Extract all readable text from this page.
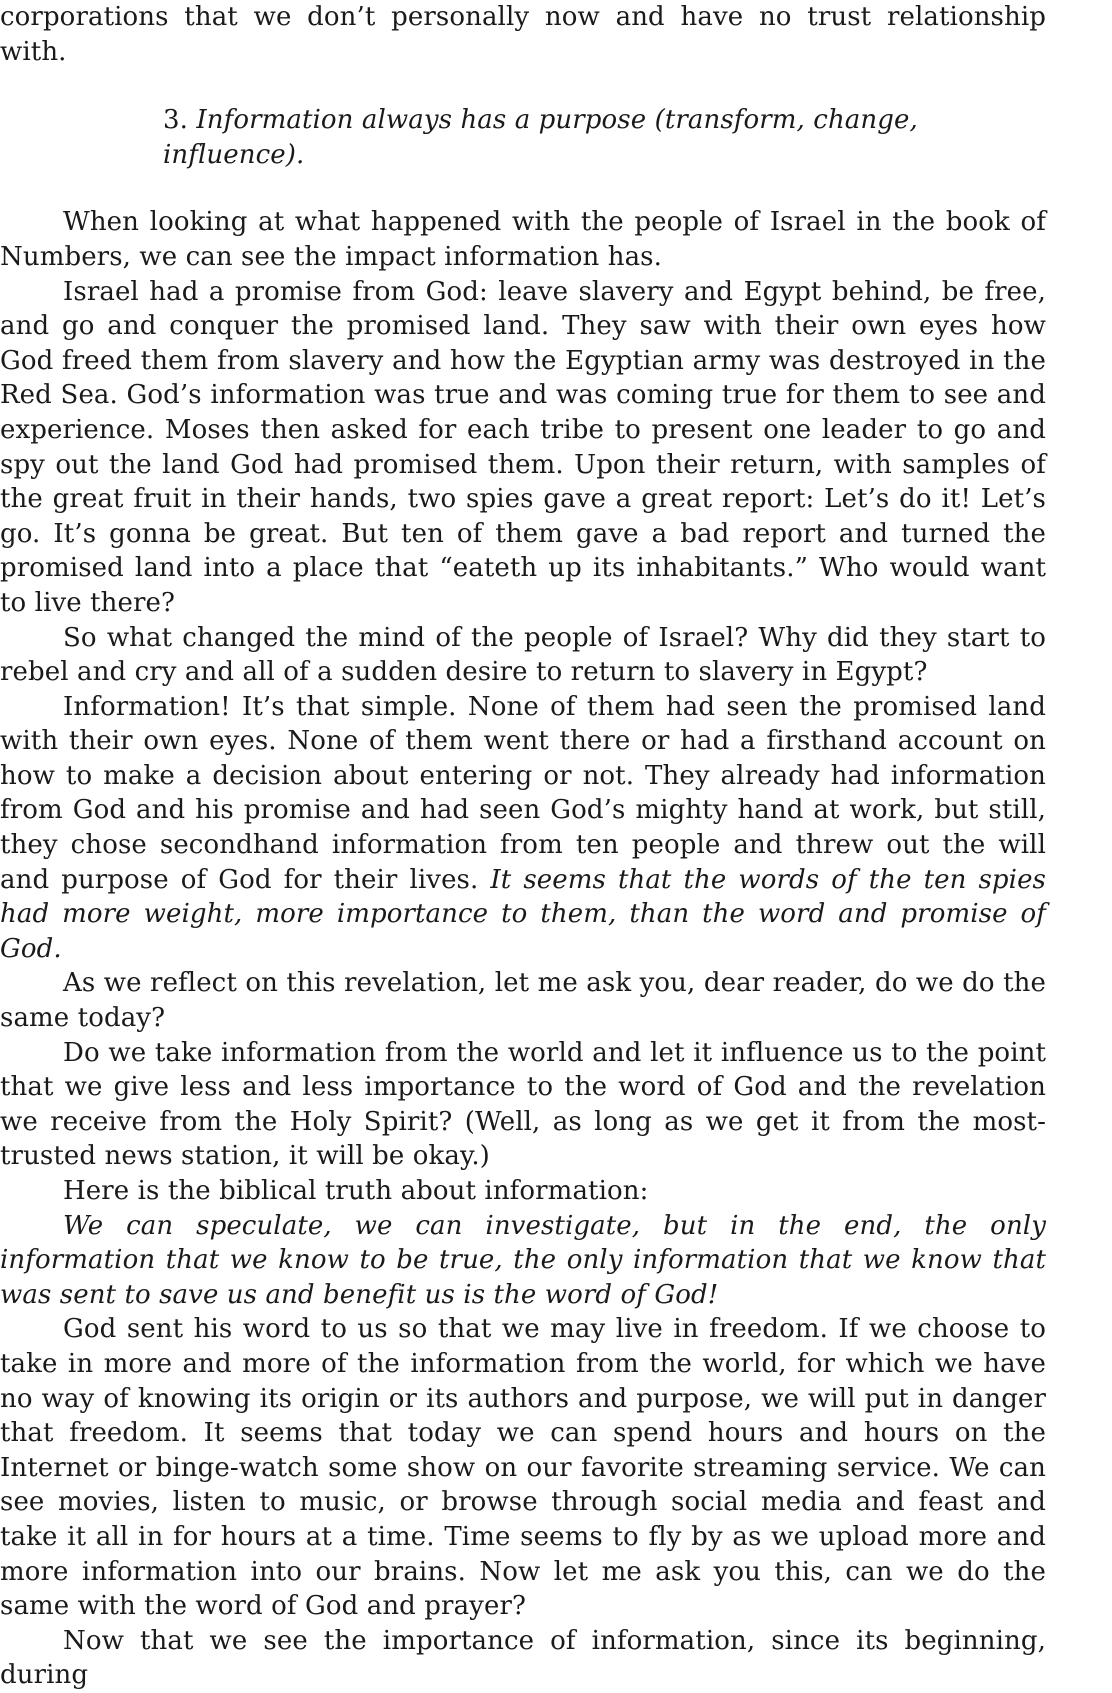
corporations that we don’t personally now and have no trust relationship with.

3. Information always has a purpose (transform, change, influence).

When looking at what happened with the people of Israel in the book of Numbers, we can see the impact information has.

Israel had a promise from God: leave slavery and Egypt behind, be free, and go and conquer the promised land. They saw with their own eyes how God freed them from slavery and how the Egyptian army was destroyed in the Red Sea. God’s information was true and was coming true for them to see and experience. Moses then asked for each tribe to present one leader to go and spy out the land God had promised them. Upon their return, with samples of the great fruit in their hands, two spies gave a great report: Let’s do it! Let’s go. It’s gonna be great. But ten of them gave a bad report and turned the promised land into a place that “eateth up its inhabitants.” Who would want to live there?

So what changed the mind of the people of Israel? Why did they start to rebel and cry and all of a sudden desire to return to slavery in Egypt?

Information! It’s that simple. None of them had seen the promised land with their own eyes. None of them went there or had a firsthand account on how to make a decision about entering or not. They already had information from God and his promise and had seen God’s mighty hand at work, but still, they chose secondhand information from ten people and threw out the will and purpose of God for their lives. It seems that the words of the ten spies had more weight, more importance to them, than the word and promise of God.

As we reflect on this revelation, let me ask you, dear reader, do we do the same today?

Do we take information from the world and let it influence us to the point that we give less and less importance to the word of God and the revelation we receive from the Holy Spirit? (Well, as long as we get it from the most-trusted news station, it will be okay.)

Here is the biblical truth about information:

We can speculate, we can investigate, but in the end, the only information that we know to be true, the only information that we know that was sent to save us and benefit us is the word of God!

God sent his word to us so that we may live in freedom. If we choose to take in more and more of the information from the world, for which we have no way of knowing its origin or its authors and purpose, we will put in danger that freedom. It seems that today we can spend hours and hours on the Internet or binge-watch some show on our favorite streaming service. We can see movies, listen to music, or browse through social media and feast and take it all in for hours at a time. Time seems to fly by as we upload more and more information into our brains. Now let me ask you this, can we do the same with the word of God and prayer?

Now that we see the importance of information, since its beginning, during
